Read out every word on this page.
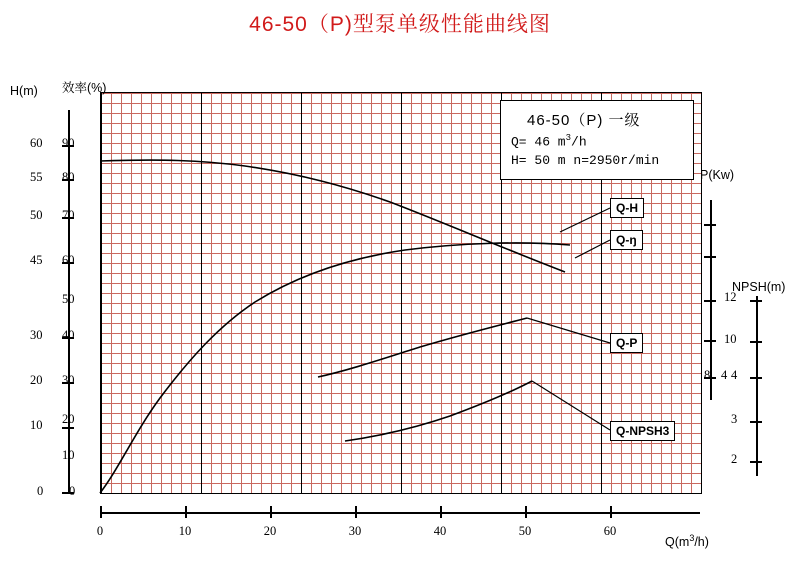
46-50（P)型泵单级性能曲线图
H(m) 效率(%)
P(Kw)
NPSH(m)
$Q(m^3/h)$
60
55
50
45
30
20
10
0
90
80
70
60
50
40
30
20
10
0
4
8
12
10
4
3
2
0	10	20	30	40	50	60
46-50（P) 一级
Q= 46 $m^3/h$
H= 50 m n=2950r/min
Q-H
Q-ŋ
Q-P
Q-NPSH3
